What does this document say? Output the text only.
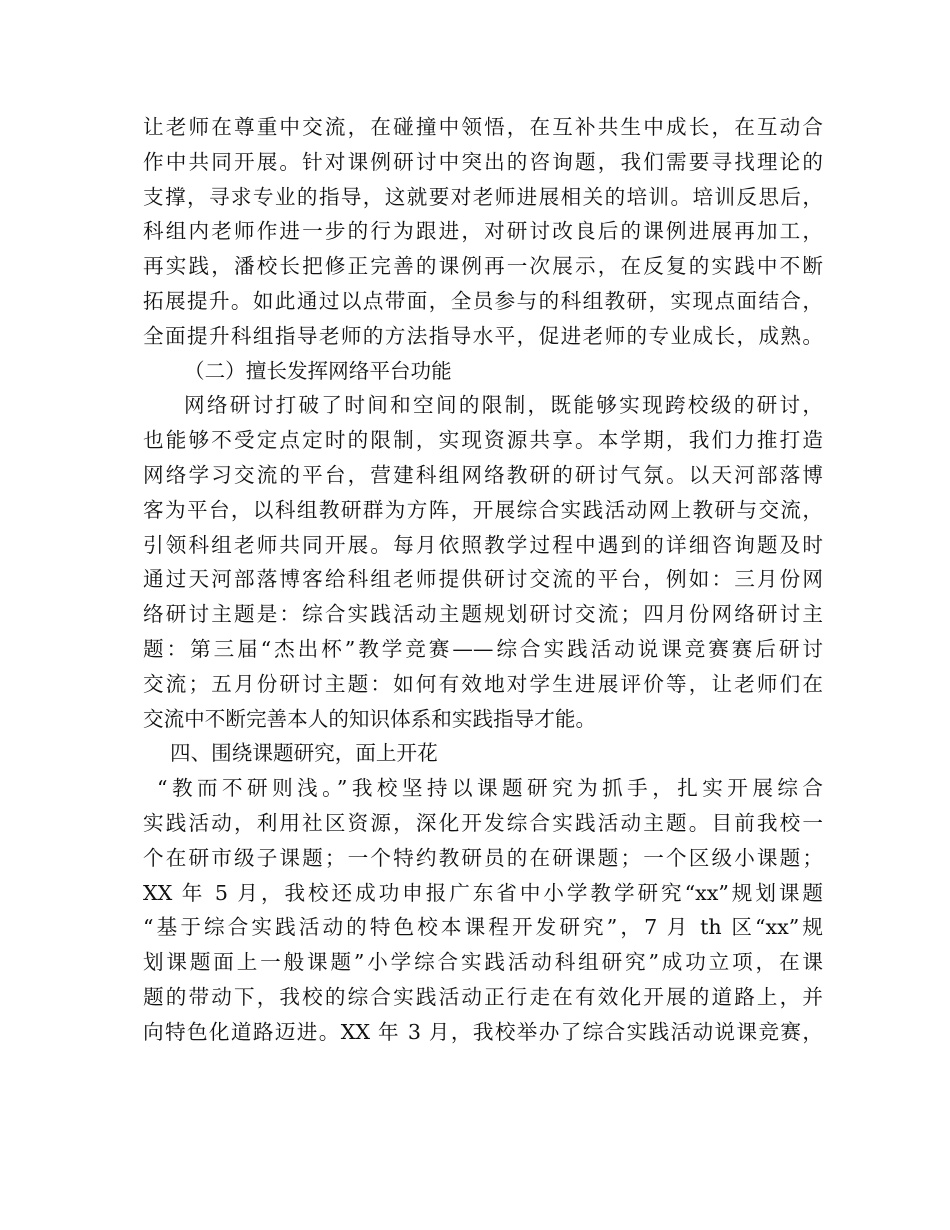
让老师在尊重中交流，在碰撞中领悟，在互补共生中成长，在互动合
作中共同开展。针对课例研讨中突出的咨询题，我们需要寻找理论的
支撑，寻求专业的指导，这就要对老师进展相关的培训。培训反思后，
科组内老师作进一步的行为跟进，对研讨改良后的课例进展再加工，
再实践，潘校长把修正完善的课例再一次展示，在反复的实践中不断
拓展提升。如此通过以点带面，全员参与的科组教研，实现点面结合，
全面提升科组指导老师的方法指导水平，促进老师的专业成长，成熟。
（二）擅长发挥网络平台功能
网络研讨打破了时间和空间的限制，既能够实现跨校级的研讨，
也能够不受定点定时的限制，实现资源共享。本学期，我们力推打造
网络学习交流的平台，营建科组网络教研的研讨气氛。以天河部落博
客为平台，以科组教研群为方阵，开展综合实践活动网上教研与交流，
引领科组老师共同开展。每月依照教学过程中遇到的详细咨询题及时
通过天河部落博客给科组老师提供研讨交流的平台，例如：三月份网
络研讨主题是：综合实践活动主题规划研讨交流；四月份网络研讨主
题：第三届“杰出杯”教学竞赛——综合实践活动说课竞赛赛后研讨
交流；五月份研讨主题：如何有效地对学生进展评价等，让老师们在
交流中不断完善本人的知识体系和实践指导才能。
四、围绕课题研究，面上开花
“教而不研则浅。”我校坚持以课题研究为抓手，扎实开展综合
实践活动，利用社区资源，深化开发综合实践活动主题。目前我校一
个在研市级子课题；一个特约教研员的在研课题；一个区级小课题；
XX 年 5 月，我校还成功申报广东省中小学教学研究“xx”规划课题
“基于综合实践活动的特色校本课程开发研究”，7 月 th 区“xx”规
划课题面上一般课题”小学综合实践活动科组研究”成功立项，在课
题的带动下，我校的综合实践活动正行走在有效化开展的道路上，并
向特色化道路迈进。XX 年 3 月，我校举办了综合实践活动说课竞赛，
